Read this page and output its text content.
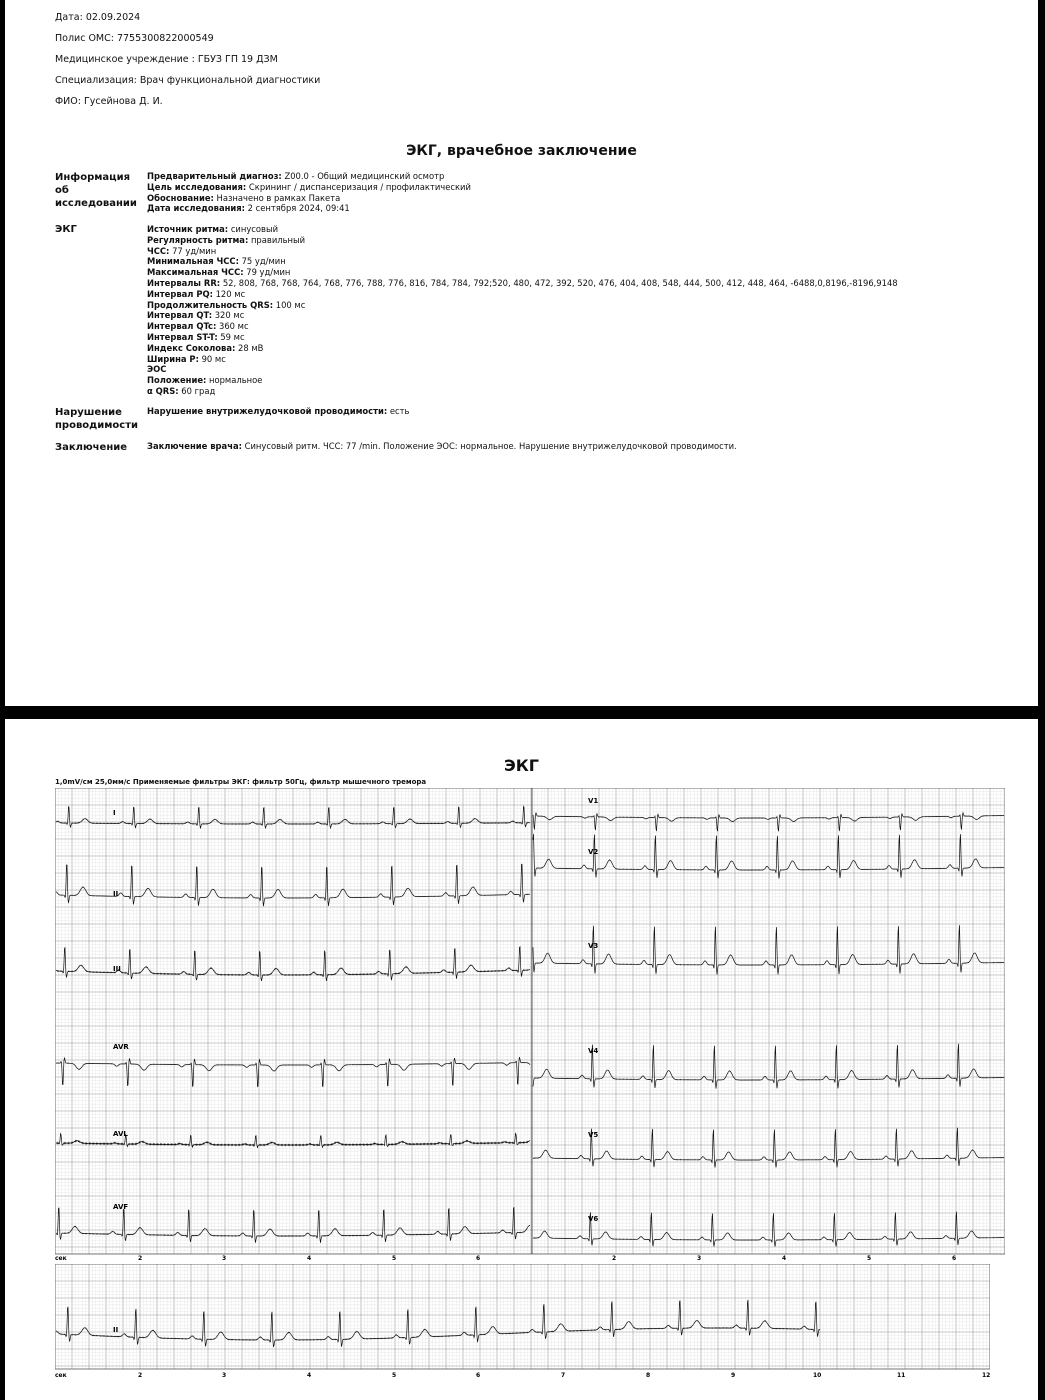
Дата: 02.09.2024
Полис ОМС: 7755300822000549
Медицинское учреждение : ГБУЗ ГП 19 ДЗМ
Специализация: Врач функциональной диагностики
ФИО: Гусейнова Д. И.
ЭКГ, врачебное заключение
Информация об исследовании
Предварительный диагноз: Z00.0 - Общий медицинский осмотр
Цель исследования: Скрининг / диспансеризация / профилактический
Обоснование: Назначено в рамках Пакета
Дата исследования: 2 сентября 2024, 09:41
ЭКГ	Источник ритма: синусовый
Регулярность ритма: правильный
ЧСС: 77 уд/мин
Минимальная ЧСС: 75 уд/мин
Максимальная ЧСС: 79 уд/мин
Интервалы RR: 52, 808, 768, 768, 764, 768, 776, 788, 776, 816, 784, 784, 792;520, 480, 472, 392, 520, 476, 404, 408, 548, 444, 500, 412, 448, 464, -6488,0,8196,-8196,9148
Интервал PQ: 120 мс
Продолжительность QRS: 100 мс
Интервал QT: 320 мс
Интервал QTc: 360 мс
Интервал ST-T: 59 мс
Индекс Соколова: 28 мВ
Ширина P: 90 мс
ЭОС
Положение: нормальное
α QRS: 60 град
Нарушение проводимости
Нарушение внутрижелудочковой проводимости: есть
Заключение	Заключение врача: Синусовый ритм. ЧСС: 77 /min. Положение ЭОС: нормальное. Нарушение внутрижелудочковой проводимости.
ЭКГ
1,0mV/см 25,0мм/с Применяемые фильтры ЭКГ: фильтр 50Гц, фильтр мышечного тремора
I
II
III
AVR
AVL
AVF
V1
V2
V3
V4
V5
V6
сек	2	3	4	5	6	2	3	4	5	6
II
сек	2	3	4	5	6	7	8	9	10	11	12
